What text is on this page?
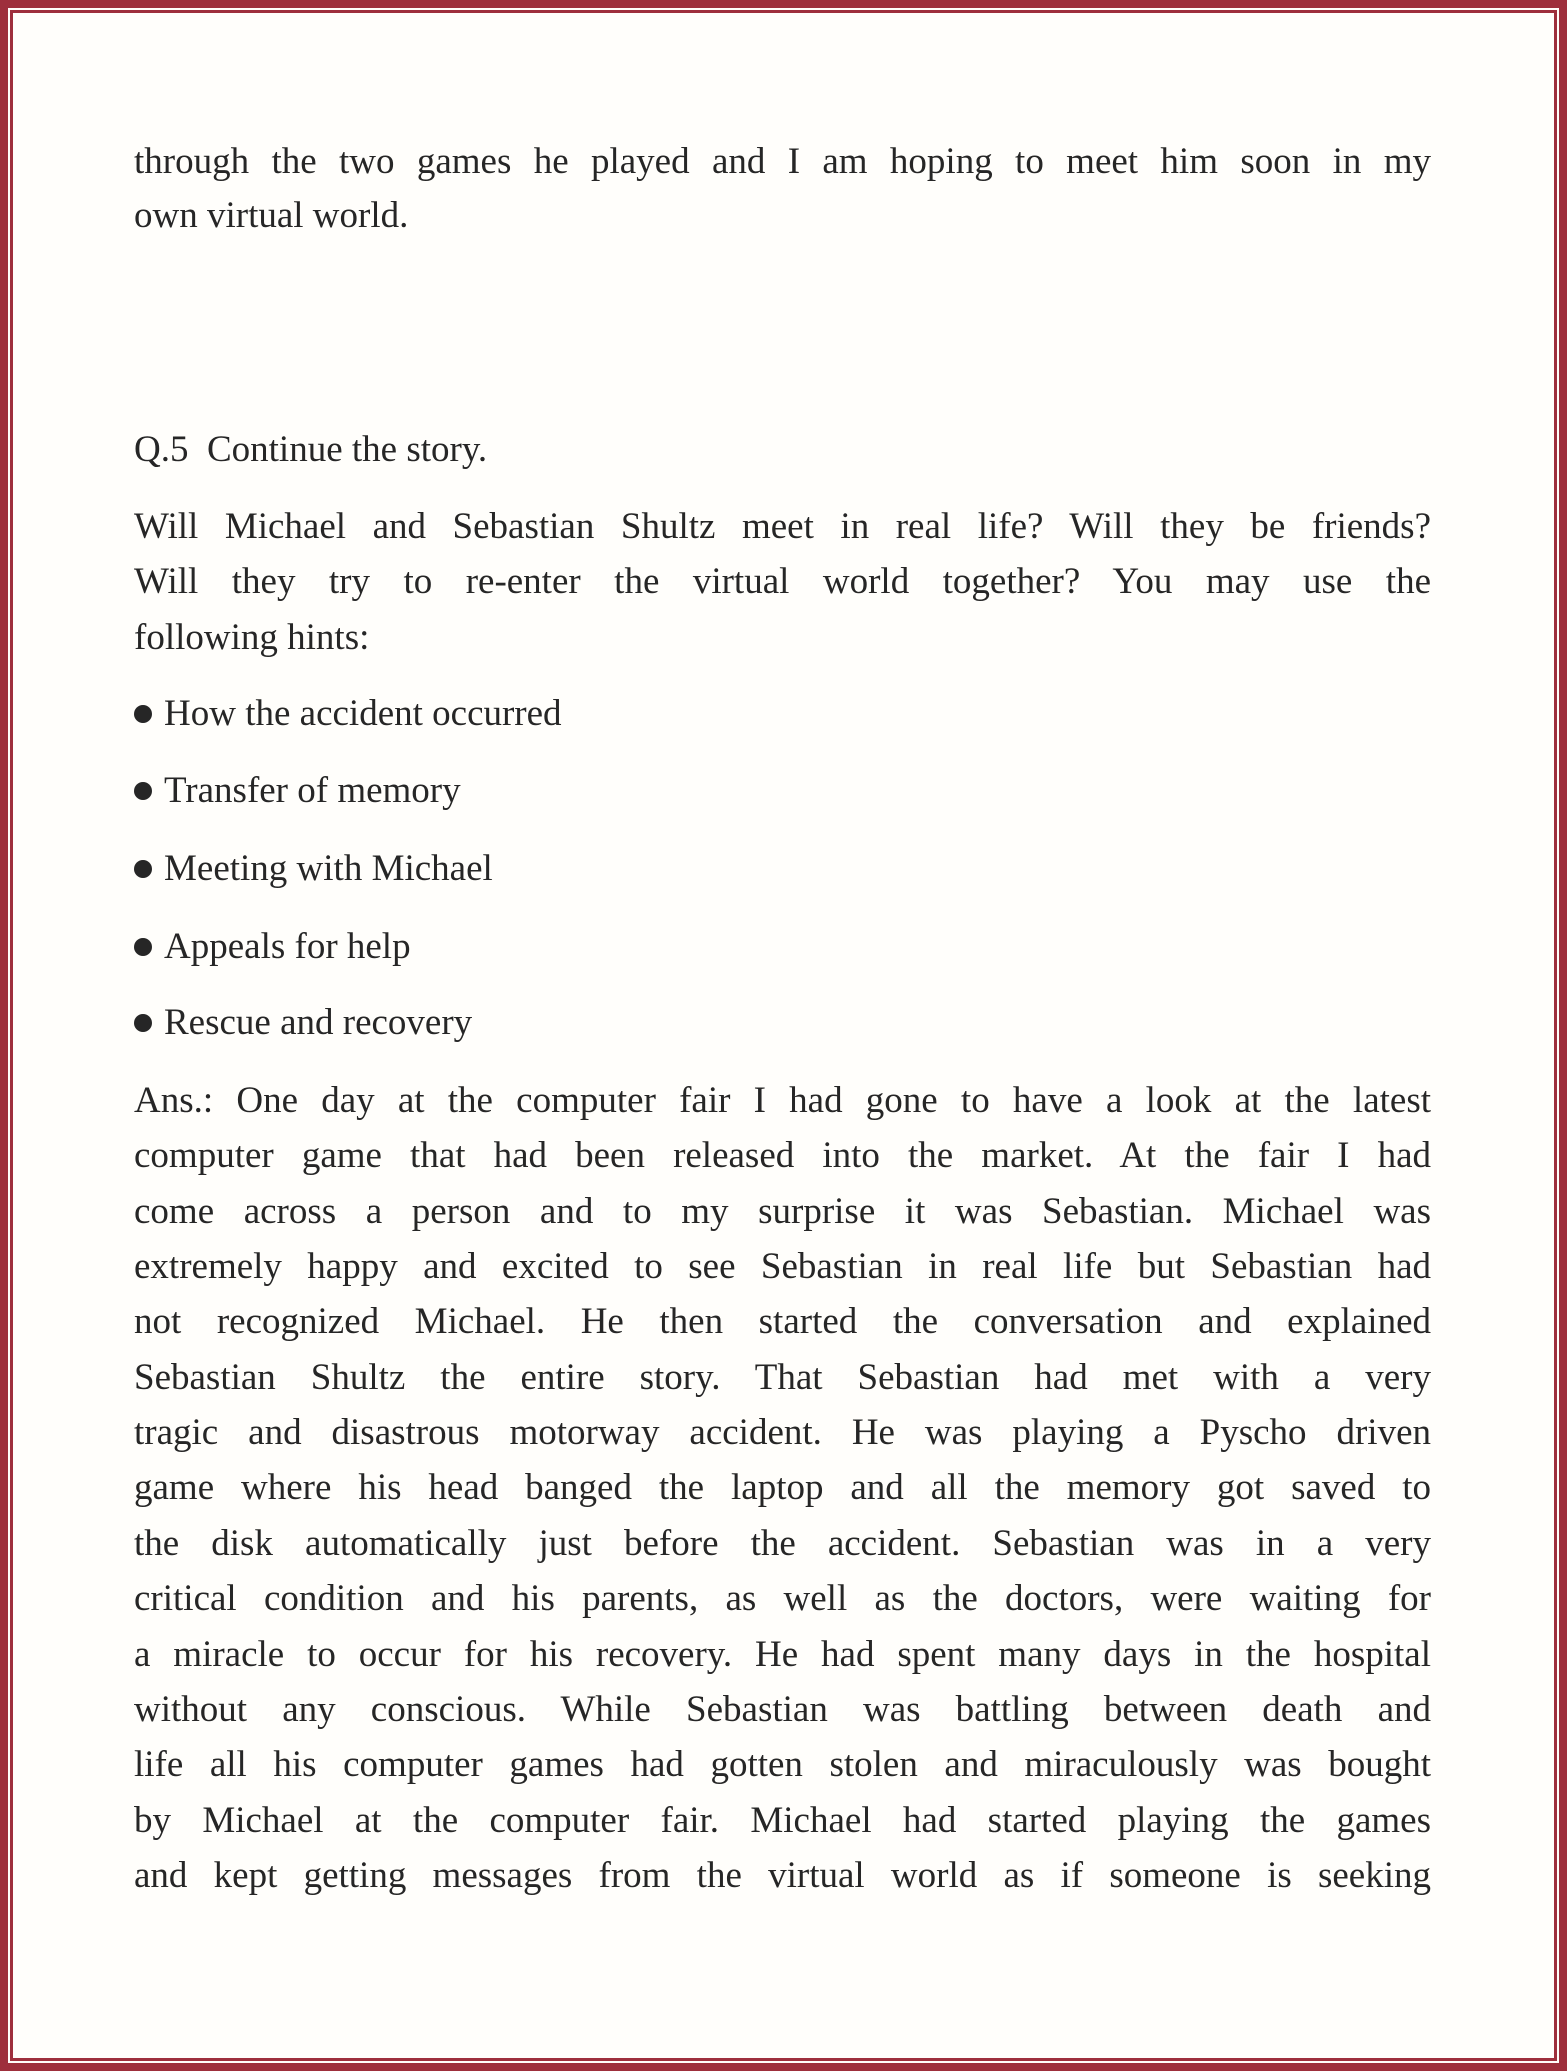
through the two games he played and I am hoping to meet him soon in my
own virtual world.
Q.5  Continue the story.
Will Michael and Sebastian Shultz meet in real life? Will they be friends?
Will they try to re-enter the virtual world together? You may use the
following hints:
How the accident occurred
Transfer of memory
Meeting with Michael
Appeals for help
Rescue and recovery
Ans.: One day at the computer fair I had gone to have a look at the latest
computer game that had been released into the market. At the fair I had
come across a person and to my surprise it was Sebastian. Michael was
extremely happy and excited to see Sebastian in real life but Sebastian had
not recognized Michael. He then started the conversation and explained
Sebastian Shultz the entire story. That Sebastian had met with a very
tragic and disastrous motorway accident. He was playing a Pyscho driven
game where his head banged the laptop and all the memory got saved to
the disk automatically just before the accident. Sebastian was in a very
critical condition and his parents, as well as the doctors, were waiting for
a miracle to occur for his recovery. He had spent many days in the hospital
without any conscious. While Sebastian was battling between death and
life all his computer games had gotten stolen and miraculously was bought
by Michael at the computer fair. Michael had started playing the games
and kept getting messages from the virtual world as if someone is seeking
